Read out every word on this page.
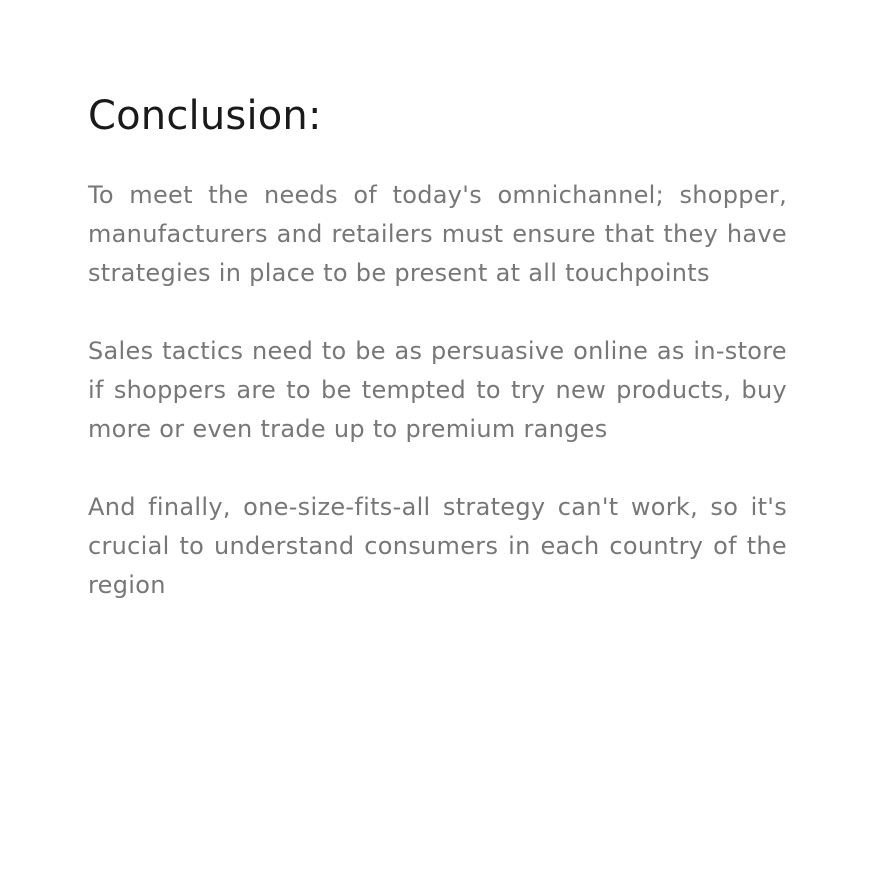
Conclusion:

To meet the needs of today's omnichannel; shopper, manufacturers and retailers must ensure that they have strategies in place to be present at all touchpoints

Sales tactics need to be as persuasive online as in-store if shoppers are to be tempted to try new products, buy more or even trade up to premium ranges

And finally, one-size-fits-all strategy can't work, so it's crucial to understand consumers in each country of the region
